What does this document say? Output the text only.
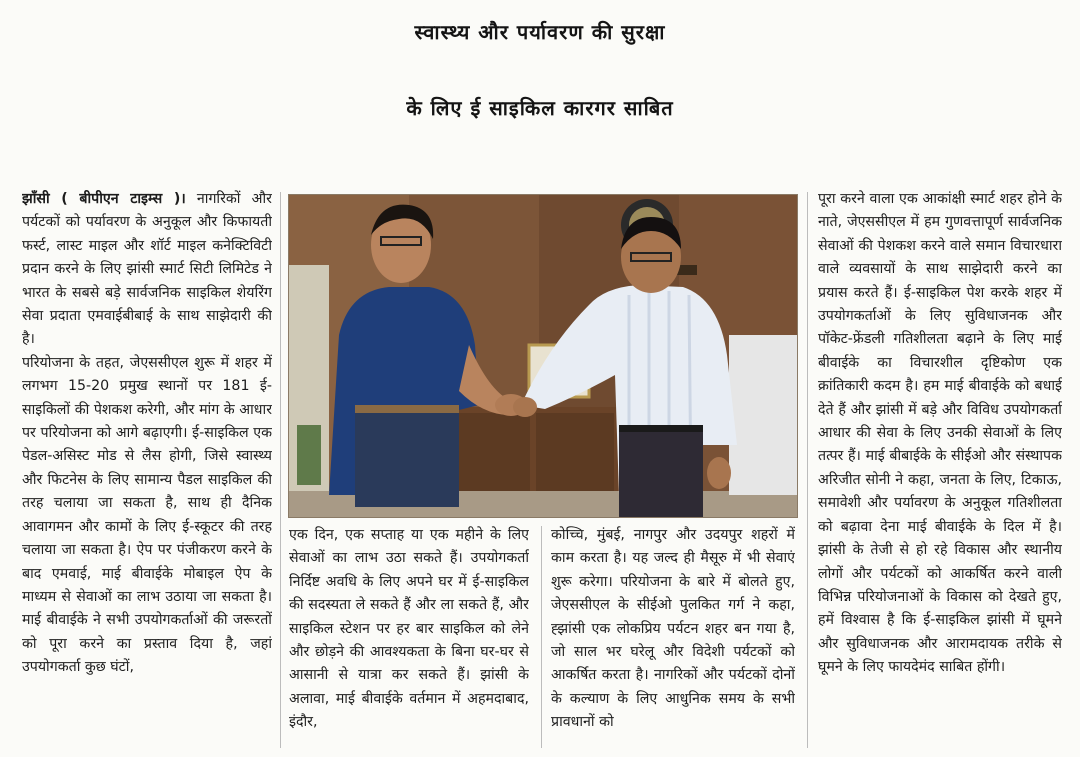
स्वास्थ्य और पर्यावरण की सुरक्षा
के लिए ई साइकिल कारगर साबित

झाँसी ( बीपीएन टाइम्स )। नागरिकों और पर्यटकों को पर्यावरण के अनुकूल और किफायती फर्स्ट, लास्ट माइल और शॉर्ट माइल कनेक्टिविटी प्रदान करने के लिए झांसी स्मार्ट सिटी लिमिटेड ने भारत के सबसे बड़े सार्वजनिक साइकिल शेयरिंग सेवा प्रदाता एमवाईबीबाई के साथ साझेदारी की है।

परियोजना के तहत, जेएससीएल शुरू में शहर में लगभग 15-20 प्रमुख स्थानों पर 181 ई-साइकिलों की पेशकश करेगी, और मांग के आधार पर परियोजना को आगे बढ़ाएगी। ई-साइकिल एक पेडल-असिस्ट मोड से लैस होगी, जिसे स्वास्थ्य और फिटनेस के लिए सामान्य पैडल साइकिल की तरह चलाया जा सकता है, साथ ही दैनिक आवागमन और कामों के लिए ई-स्कूटर की तरह चलाया जा सकता है। ऐप पर पंजीकरण करने के बाद एमवाई, माई बीवाईके मोबाइल ऐप के माध्यम से सेवाओं का लाभ उठाया जा सकता है। माई बीवाईके ने सभी उपयोगकर्ताओं की जरूरतों को पूरा करने का प्रस्ताव दिया है, जहां उपयोगकर्ता कुछ घंटों,

एक दिन, एक सप्ताह या एक महीने के लिए सेवाओं का लाभ उठा सकते हैं। उपयोगकर्ता निर्दिष्ट अवधि के लिए अपने घर में ई-साइकिल की सदस्यता ले सकते हैं और ला सकते हैं, और साइकिल स्टेशन पर हर बार साइकिल को लेने और छोड़ने की आवश्यकता के बिना घर-घर से आसानी से यात्रा कर सकते हैं। झांसी के अलावा, माई बीवाईके वर्तमान में अहमदाबाद, इंदौर,
कोच्चि, मुंबई, नागपुर और उदयपुर शहरों में काम करता है। यह जल्द ही मैसूरु में भी सेवाएं शुरू करेगा। परियोजना के बारे में बोलते हुए, जेएससीएल के सीईओ पुलकित गर्ग ने कहा, ह्झांसी एक लोकप्रिय पर्यटन शहर बन गया है, जो साल भर घरेलू और विदेशी पर्यटकों को आकर्षित करता है। नागरिकों और पर्यटकों दोनों के कल्याण के लिए आधुनिक समय के सभी प्रावधानों को
पूरा करने वाला एक आकांक्षी स्मार्ट शहर होने के नाते, जेएससीएल में हम गुणवत्तापूर्ण सार्वजनिक सेवाओं की पेशकश करने वाले समान विचारधारा वाले व्यवसायों के साथ साझेदारी करने का प्रयास करते हैं। ई-साइकिल पेश करके शहर में उपयोगकर्ताओं के लिए सुविधाजनक और पॉकेट-फ्रेंडली गतिशीलता बढ़ाने के लिए माई बीवाईके का विचारशील दृष्टिकोण एक क्रांतिकारी कदम है। हम माई बीवाईके को बधाई देते हैं और झांसी में बड़े और विविध उपयोगकर्ता आधार की सेवा के लिए उनकी सेवाओं के लिए तत्पर हैं। माई बीबाईके के सीईओ और संस्थापक अरिजीत सोनी ने कहा, जनता के लिए, टिकाऊ, समावेशी और पर्यावरण के अनुकूल गतिशीलता को बढ़ावा देना माई बीवाईके के दिल में है। झांसी के तेजी से हो रहे विकास और स्थानीय लोगों और पर्यटकों को आकर्षित करने वाली विभिन्न परियोजनाओं के विकास को देखते हुए, हमें विश्वास है कि ई-साइकिल झांसी में घूमने और सुविधाजनक और आरामदायक तरीके से घूमने के लिए फायदेमंद साबित होंगी।
